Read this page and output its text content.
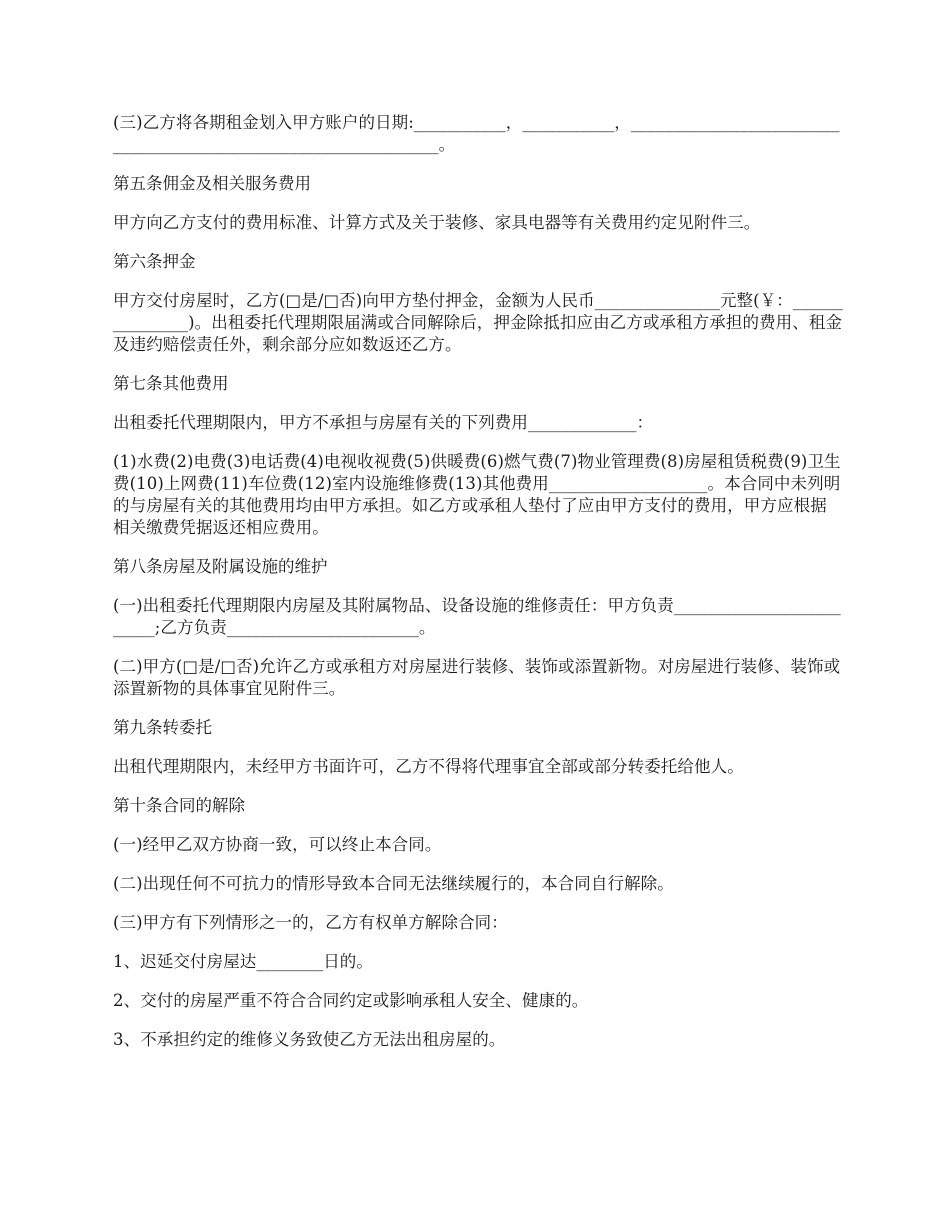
(三)乙方将各期租金划入甲方账户的日期:___________，___________，________________________________________________________________。

第五条佣金及相关服务费用

甲方向乙方支付的费用标准、计算方式及关于装修、家具电器等有关费用约定见附件三。

第六条押金

甲方交付房屋时，乙方(□是/□否)向甲方垫付押金，金额为人民币_______________元整(￥：_______________)。出租委托代理期限届满或合同解除后，押金除抵扣应由乙方或承租方承担的费用、租金及违约赔偿责任外，剩余部分应如数返还乙方。

第七条其他费用

出租委托代理期限内，甲方不承担与房屋有关的下列费用_____________：

(1)水费(2)电费(3)电话费(4)电视收视费(5)供暖费(6)燃气费(7)物业管理费(8)房屋租赁税费(9)卫生费(10)上网费(11)车位费(12)室内设施维修费(13)其他费用___________________。本合同中未列明的与房屋有关的其他费用均由甲方承担。如乙方或承租人垫付了应由甲方支付的费用，甲方应根据相关缴费凭据返还相应费用。

第八条房屋及附属设施的维护

(一)出租委托代理期限内房屋及其附属物品、设备设施的维修责任：甲方负责_________________________;乙方负责_______________________。

(二)甲方(□是/□否)允许乙方或承租方对房屋进行装修、装饰或添置新物。对房屋进行装修、装饰或添置新物的具体事宜见附件三。

第九条转委托

出租代理期限内，未经甲方书面许可，乙方不得将代理事宜全部或部分转委托给他人。

第十条合同的解除

(一)经甲乙双方协商一致，可以终止本合同。

(二)出现任何不可抗力的情形导致本合同无法继续履行的，本合同自行解除。

(三)甲方有下列情形之一的，乙方有权单方解除合同：

1、迟延交付房屋达________日的。

2、交付的房屋严重不符合合同约定或影响承租人安全、健康的。

3、不承担约定的维修义务致使乙方无法出租房屋的。
